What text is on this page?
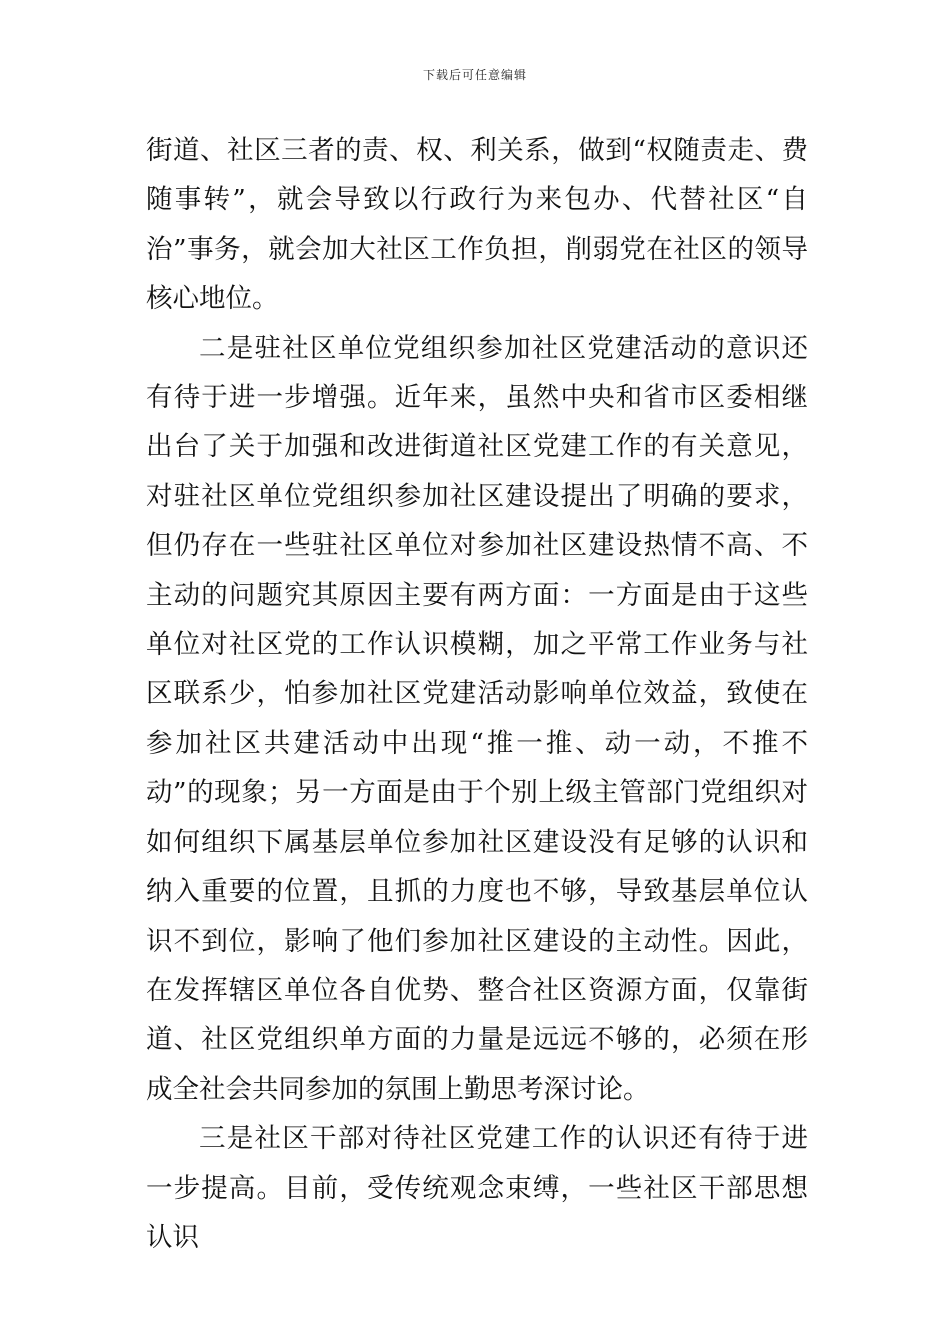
下载后可任意编辑

街道、社区三者的责、权、利关系，做到“权随责走、费随事转”，就会导致以行政行为来包办、代替社区“自治”事务，就会加大社区工作负担，削弱党在社区的领导核心地位。

二是驻社区单位党组织参加社区党建活动的意识还有待于进一步增强。近年来，虽然中央和省市区委相继出台了关于加强和改进街道社区党建工作的有关意见，对驻社区单位党组织参加社区建设提出了明确的要求，但仍存在一些驻社区单位对参加社区建设热情不高、不主动的问题究其原因主要有两方面：一方面是由于这些单位对社区党的工作认识模糊，加之平常工作业务与社区联系少，怕参加社区党建活动影响单位效益，致使在参加社区共建活动中出现“推一推、动一动，不推不动”的现象；另一方面是由于个别上级主管部门党组织对如何组织下属基层单位参加社区建设没有足够的认识和纳入重要的位置，且抓的力度也不够，导致基层单位认识不到位，影响了他们参加社区建设的主动性。因此，在发挥辖区单位各自优势、整合社区资源方面，仅靠街道、社区党组织单方面的力量是远远不够的，必须在形成全社会共同参加的氛围上勤思考深讨论。

三是社区干部对待社区党建工作的认识还有待于进一步提高。目前，受传统观念束缚，一些社区干部思想认识
